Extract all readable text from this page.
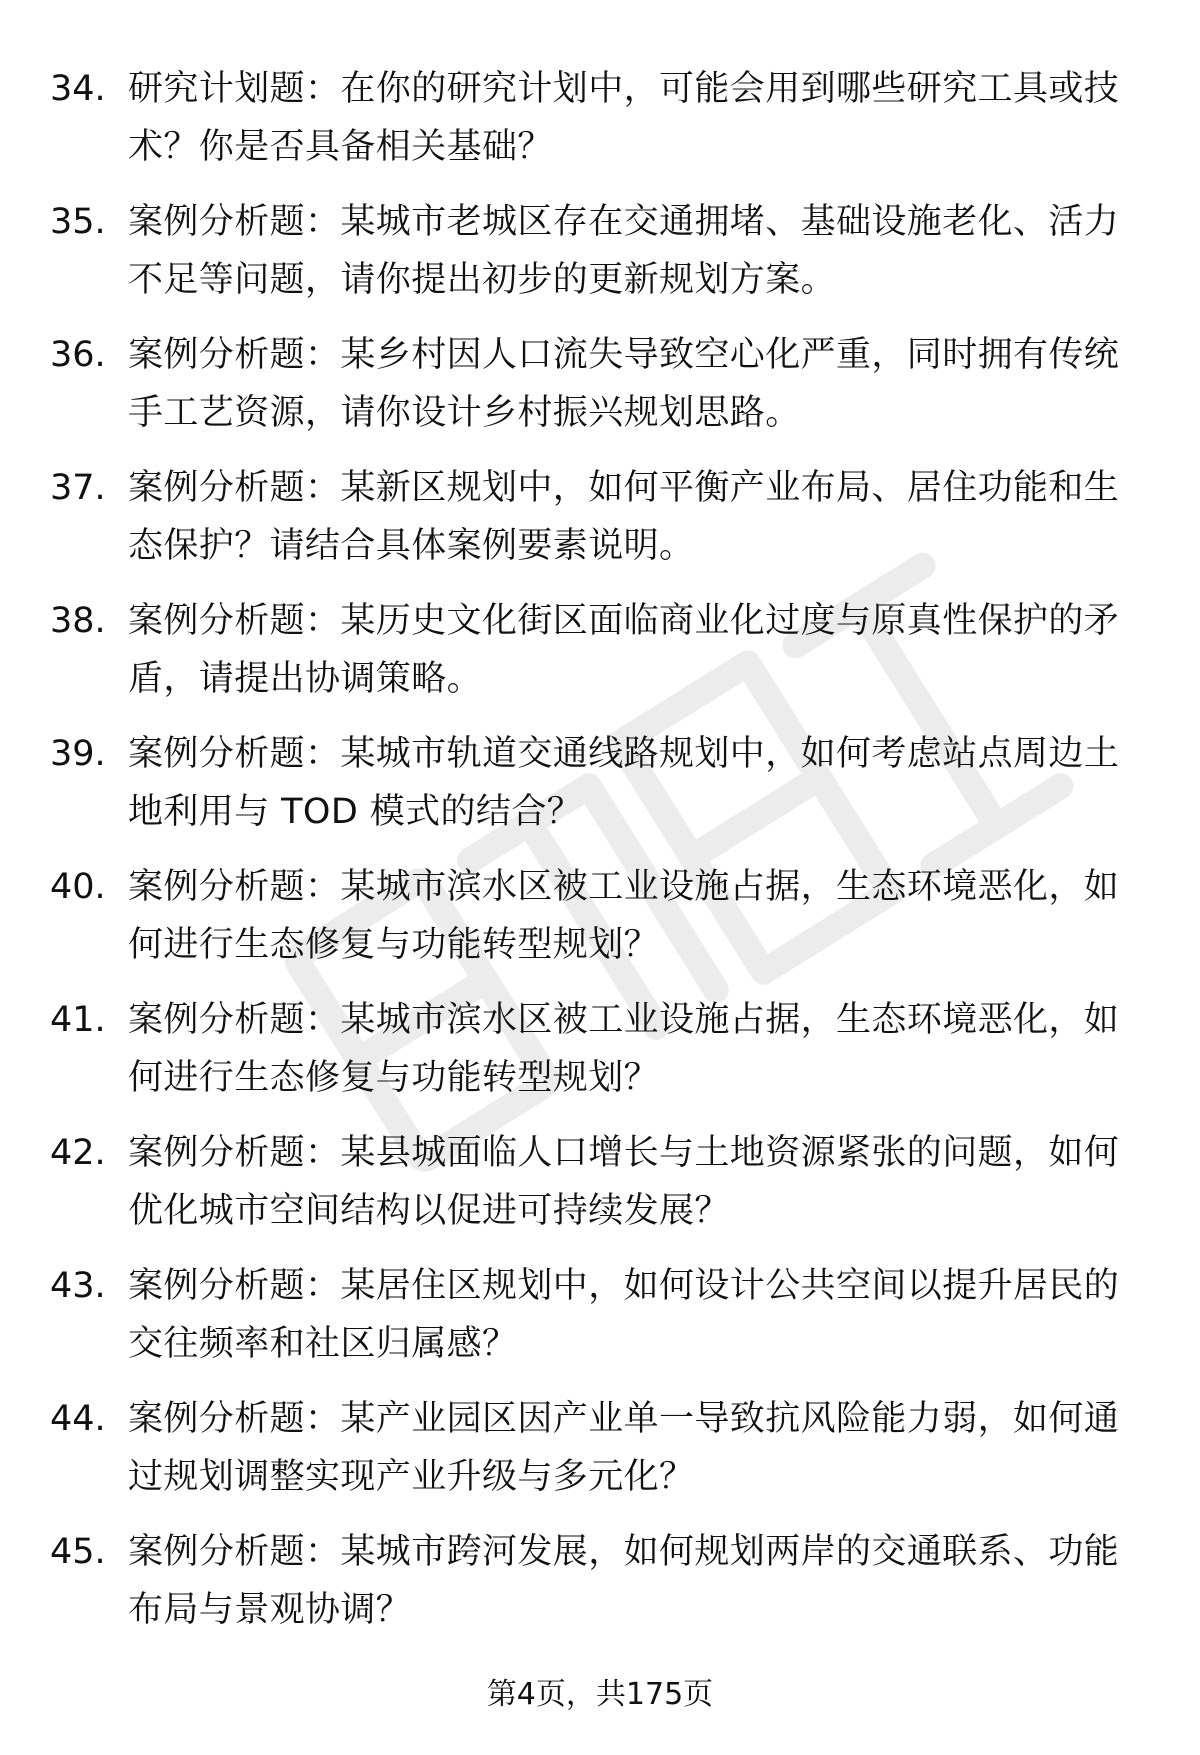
34. 研究计划题：在你的研究计划中，可能会用到哪些研究工具或技术？你是否具备相关基础？
35. 案例分析题：某城市老城区存在交通拥堵、基础设施老化、活力不足等问题，请你提出初步的更新规划方案。
36. 案例分析题：某乡村因人口流失导致空心化严重，同时拥有传统手工艺资源，请你设计乡村振兴规划思路。
37. 案例分析题：某新区规划中，如何平衡产业布局、居住功能和生态保护？请结合具体案例要素说明。
38. 案例分析题：某历史文化街区面临商业化过度与原真性保护的矛盾，请提出协调策略。
39. 案例分析题：某城市轨道交通线路规划中，如何考虑站点周边土地利用与 TOD 模式的结合？
40. 案例分析题：某城市滨水区被工业设施占据，生态环境恶化，如何进行生态修复与功能转型规划？
41. 案例分析题：某城市滨水区被工业设施占据，生态环境恶化，如何进行生态修复与功能转型规划？
42. 案例分析题：某县城面临人口增长与土地资源紧张的问题，如何优化城市空间结构以促进可持续发展？
43. 案例分析题：某居住区规划中，如何设计公共空间以提升居民的交往频率和社区归属感？
44. 案例分析题：某产业园区因产业单一导致抗风险能力弱，如何通过规划调整实现产业升级与多元化？
45. 案例分析题：某城市跨河发展，如何规划两岸的交通联系、功能布局与景观协调？
第4页，共175页
